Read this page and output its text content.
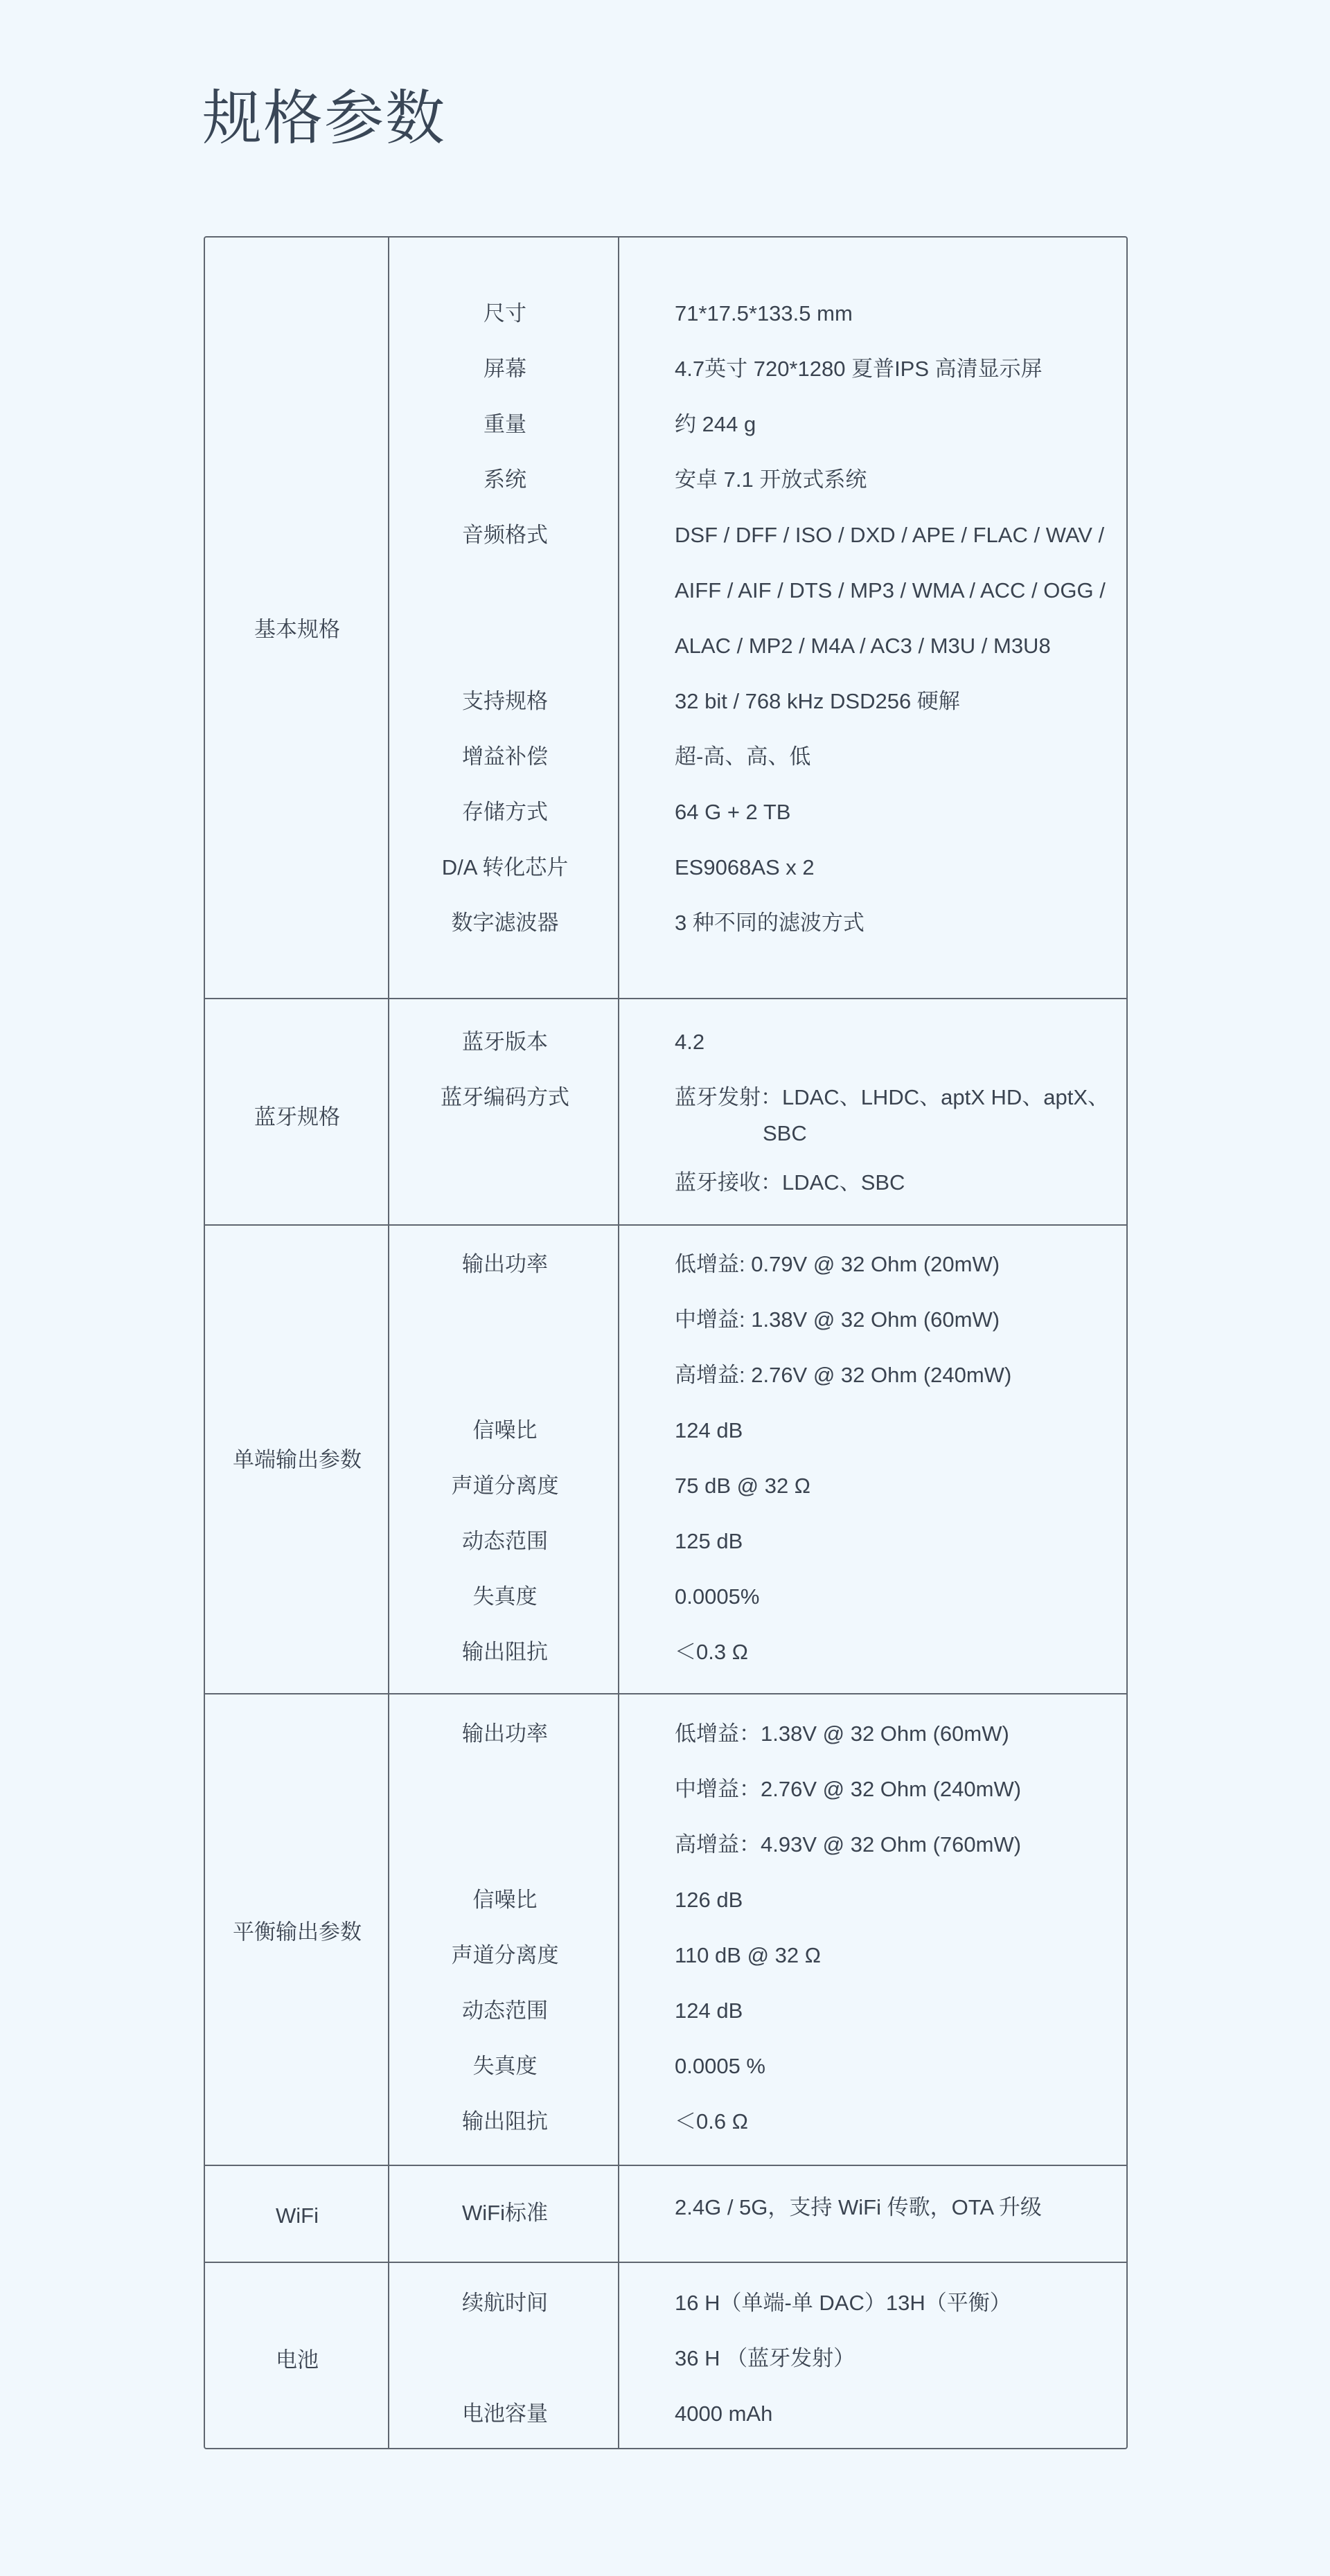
规格参数
基本规格
尺寸	71*17.5*133.5 mm
屏幕	4.7英寸 720*1280 夏普IPS 高清显示屏
重量	约 244 g
系统	安卓 7.1 开放式系统
音频格式	DSF / DFF / ISO / DXD / APE / FLAC / WAV /
AIFF / AIF / DTS / MP3 / WMA / ACC / OGG /
ALAC / MP2 / M4A / AC3 / M3U / M3U8
支持规格	32 bit / 768 kHz DSD256 硬解
增益补偿	超-高、高、低
存储方式	64 G + 2 TB
D/A 转化芯片	ES9068AS x 2
数字滤波器	3 种不同的滤波方式
蓝牙规格
蓝牙版本	4.2
蓝牙编码方式	蓝牙发射：LDAC、LHDC、aptX HD、aptX、
SBC
蓝牙接收：LDAC、SBC
单端输出参数
输出功率	低增益: 0.79V @ 32 Ohm (20mW)
中增益: 1.38V @ 32 Ohm (60mW)
高增益: 2.76V @ 32 Ohm (240mW)
信噪比	124 dB
声道分离度	75 dB @ 32 Ω
动态范围	125 dB
失真度	0.0005%
输出阻抗	＜0.3 Ω
平衡输出参数
输出功率	低增益：1.38V @ 32 Ohm (60mW)
中增益：2.76V @ 32 Ohm (240mW)
高增益：4.93V @ 32 Ohm (760mW)
信噪比	126 dB
声道分离度	110 dB @ 32 Ω
动态范围	124 dB
失真度	0.0005 %
输出阻抗	＜0.6 Ω
WiFi	WiFi标准	2.4G / 5G，支持 WiFi 传歌，OTA 升级
电池
续航时间	16 H（单端-单 DAC）13H（平衡）
36 H （蓝牙发射）
电池容量	4000 mAh
